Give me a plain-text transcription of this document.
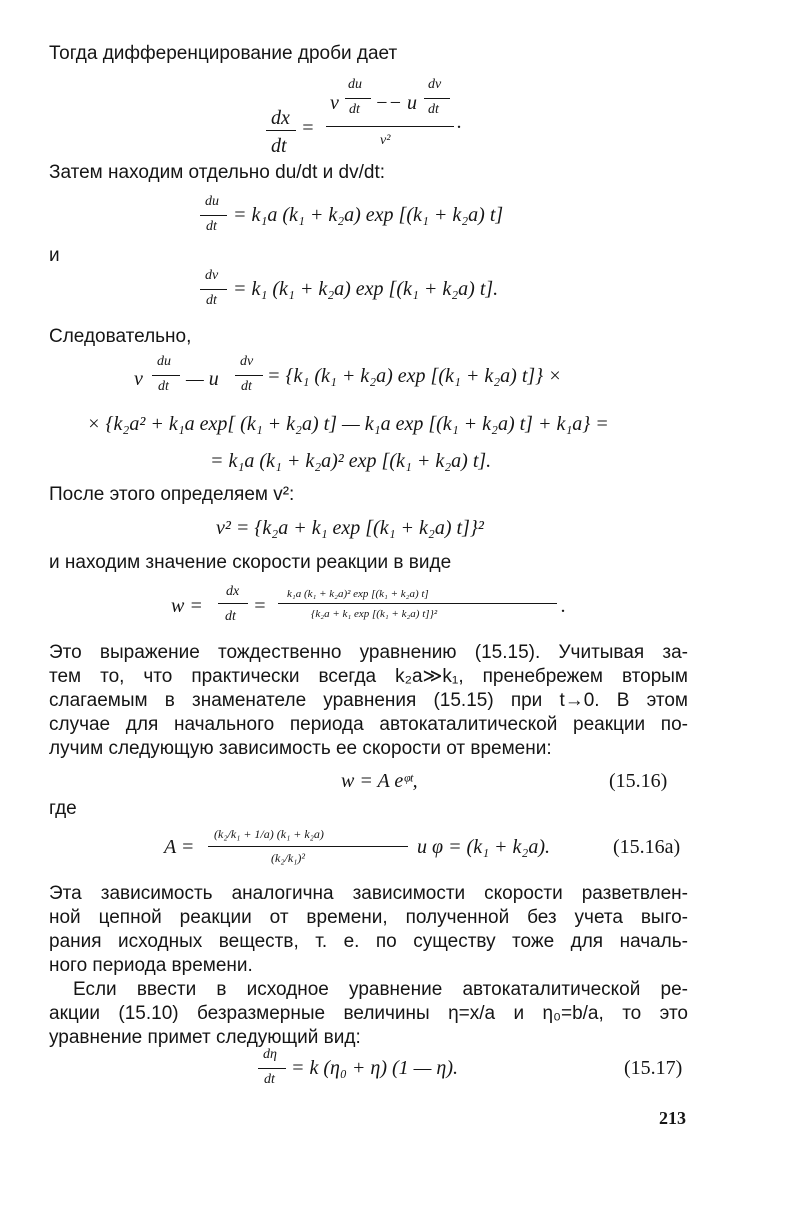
Тогда дифференцирование дроби дает
dx
dt
=
v
du
dt −− u
dv
dt
v²
.
Затем находим отдельно du/dt и dv/dt:
du
dt
= k₁a (k₁ + k₂a) exp [(k₁ + k₂a) t]
и
dv
dt
= k₁ (k₁ + k₂a) exp [(k₁ + k₂a) t].
Следовательно,
v
du
dt — u
dv
dt = {k₁ (k₁ + k₂a) exp [(k₁ + k₂a) t]} ×
× {k₂a² + k₁a exp[ (k₁ + k₂a) t] — k₁a exp [(k₁ + k₂a) t] + k₁a} =
= k₁a (k₁ + k₂a)² exp [(k₁ + k₂a) t].
После этого определяем v²:
v² = {k₂a + k₁ exp [(k₁ + k₂a) t]}²
и находим значение скорости реакции в виде
w =
dx
dt =
k₁a (k₁ + k₂a)² exp [(k₁ + k₂a) t]
{k₂a + k₁ exp [(k₁ + k₂a) t]}²	.
Это выражение тождественно уравнению (15.15). Учитывая за-
тем то, что практически всегда k₂a≫k₁, пренебрежем вторым
слагаемым в знаменателе уравнения (15.15) при t→0. В этом
случае для начального периода автокаталитической реакции по-
лучим следующую зависимость ее скорости от времени:
w = A eᵠᵗ,	(15.16)
где
A =
(k₂/k₁ + 1/a) (k₁ + k₂a)
(k₂/k₁)²	и φ = (k₁ + k₂a).	(15.16a)
Эта зависимость аналогична зависимости скорости разветвлен-
ной цепной реакции от времени, полученной без учета выго-
рания исходных веществ, т. е. по существу тоже для началь-
ного периода времени.
Если ввести в исходное уравнение автокаталитической ре-
акции (15.10) безразмерные величины η=x/a и η₀=b/a, то это
уравнение примет следующий вид:
dη
dt
= k (η₀ + η) (1 — η).	(15.17)
213
